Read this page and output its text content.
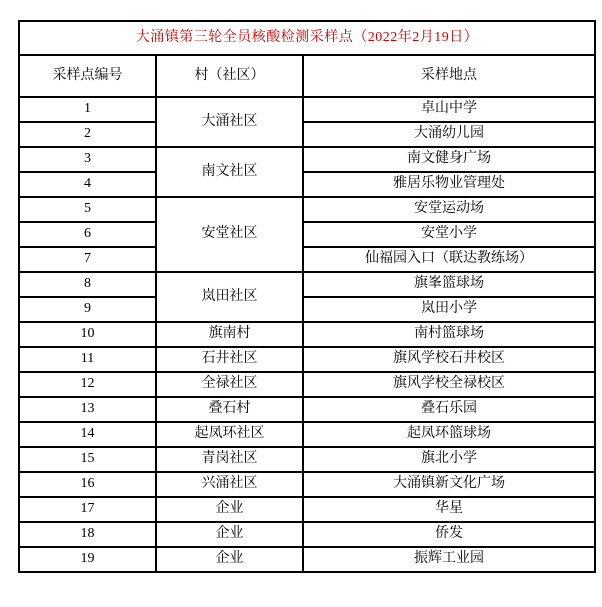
大涌镇第三轮全员核酸检测采样点（2022年2月19日）		
采样点编号	村（社区）	采样地点
1	大涌社区	卓山中学
2		大涌幼儿园
3	南文社区	南文健身广场
4		雅居乐物业管理处
5	安堂社区	安堂运动场
6		安堂小学
7		仙福园入口（联达教练场）
8	岚田社区	旗峯篮球场
9		岚田小学
10	旗南村	南村篮球场
11	石井社区	旗风学校石井校区
12	全禄社区	旗风学校全禄校区
13	叠石村	叠石乐园
14	起凤环社区	起凤环篮球场
15	青岗社区	旗北小学
16	兴涌社区	大涌镇新文化广场
17	企业	华星
18	企业	侨发
19	企业	振辉工业园
